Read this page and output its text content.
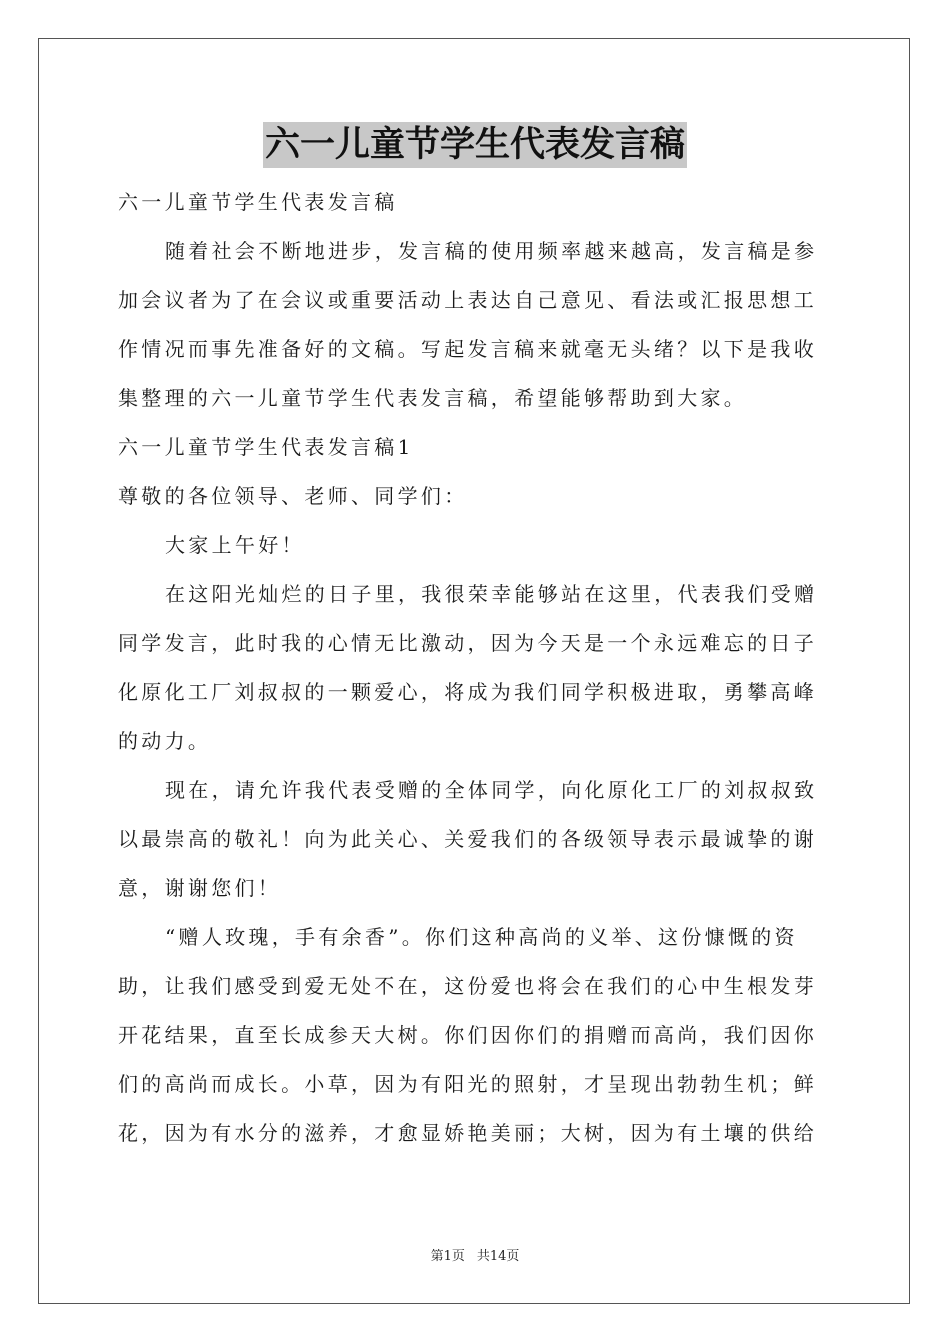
六一儿童节学生代表发言稿
六一儿童节学生代表发言稿
随着社会不断地进步，发言稿的使用频率越来越高，发言稿是参
加会议者为了在会议或重要活动上表达自己意见、看法或汇报思想工
作情况而事先准备好的文稿。写起发言稿来就毫无头绪？以下是我收
集整理的六一儿童节学生代表发言稿，希望能够帮助到大家。
六一儿童节学生代表发言稿1
尊敬的各位领导、老师、同学们：
大家上午好！
在这阳光灿烂的日子里，我很荣幸能够站在这里，代表我们受赠
同学发言，此时我的心情无比激动，因为今天是一个永远难忘的日子
化原化工厂刘叔叔的一颗爱心，将成为我们同学积极进取，勇攀高峰
的动力。
现在，请允许我代表受赠的全体同学，向化原化工厂的刘叔叔致
以最崇高的敬礼！向为此关心、关爱我们的各级领导表示最诚挚的谢
意，谢谢您们！
“赠人玫瑰，手有余香”。你们这种高尚的义举、这份慷慨的资
助，让我们感受到爱无处不在，这份爱也将会在我们的心中生根发芽
开花结果，直至长成参天大树。你们因你们的捐赠而高尚，我们因你
们的高尚而成长。小草，因为有阳光的照射，才呈现出勃勃生机；鲜
花，因为有水分的滋养，才愈显娇艳美丽；大树，因为有土壤的供给
第1页 共14页
